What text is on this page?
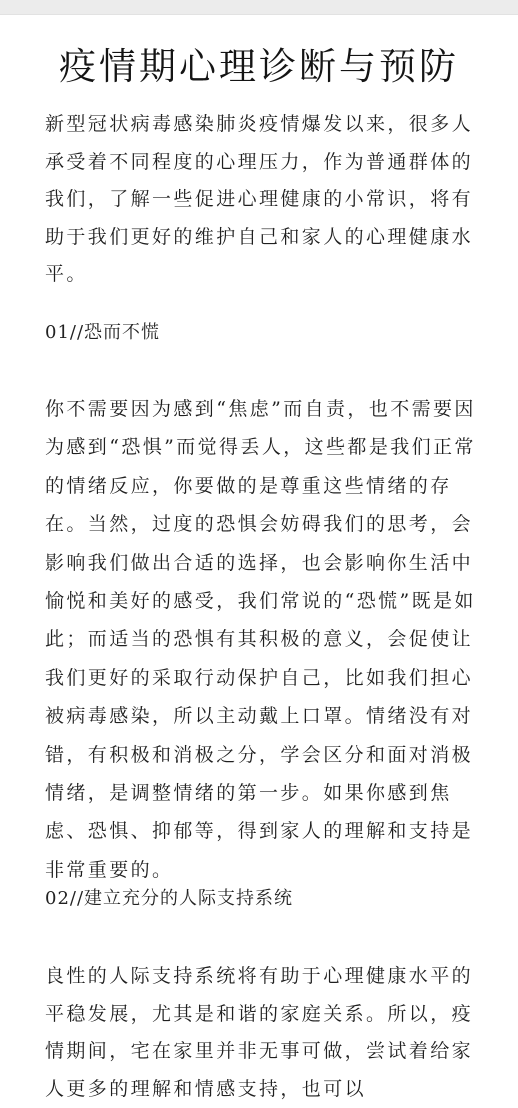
疫情期心理诊断与预防

新型冠状病毒感染肺炎疫情爆发以来，很多人承受着不同程度的心理压力，作为普通群体的我们，了解一些促进心理健康的小常识，将有助于我们更好的维护自己和家人的心理健康水平。

01//恐而不慌

你不需要因为感到“焦虑”而自责，也不需要因为感到“恐惧”而觉得丢人，这些都是我们正常的情绪反应，你要做的是尊重这些情绪的存在。当然，过度的恐惧会妨碍我们的思考，会影响我们做出合适的选择，也会影响你生活中愉悦和美好的感受，我们常说的“恐慌”既是如此；而适当的恐惧有其积极的意义，会促使让我们更好的采取行动保护自己，比如我们担心被病毒感染，所以主动戴上口罩。情绪没有对错，有积极和消极之分，学会区分和面对消极情绪，是调整情绪的第一步。如果你感到焦虑、恐惧、抑郁等，得到家人的理解和支持是非常重要的。

02//建立充分的人际支持系统

良性的人际支持系统将有助于心理健康水平的平稳发展，尤其是和谐的家庭关系。所以，疫情期间，宅在家里并非无事可做，尝试着给家人更多的理解和情感支持，也可以
